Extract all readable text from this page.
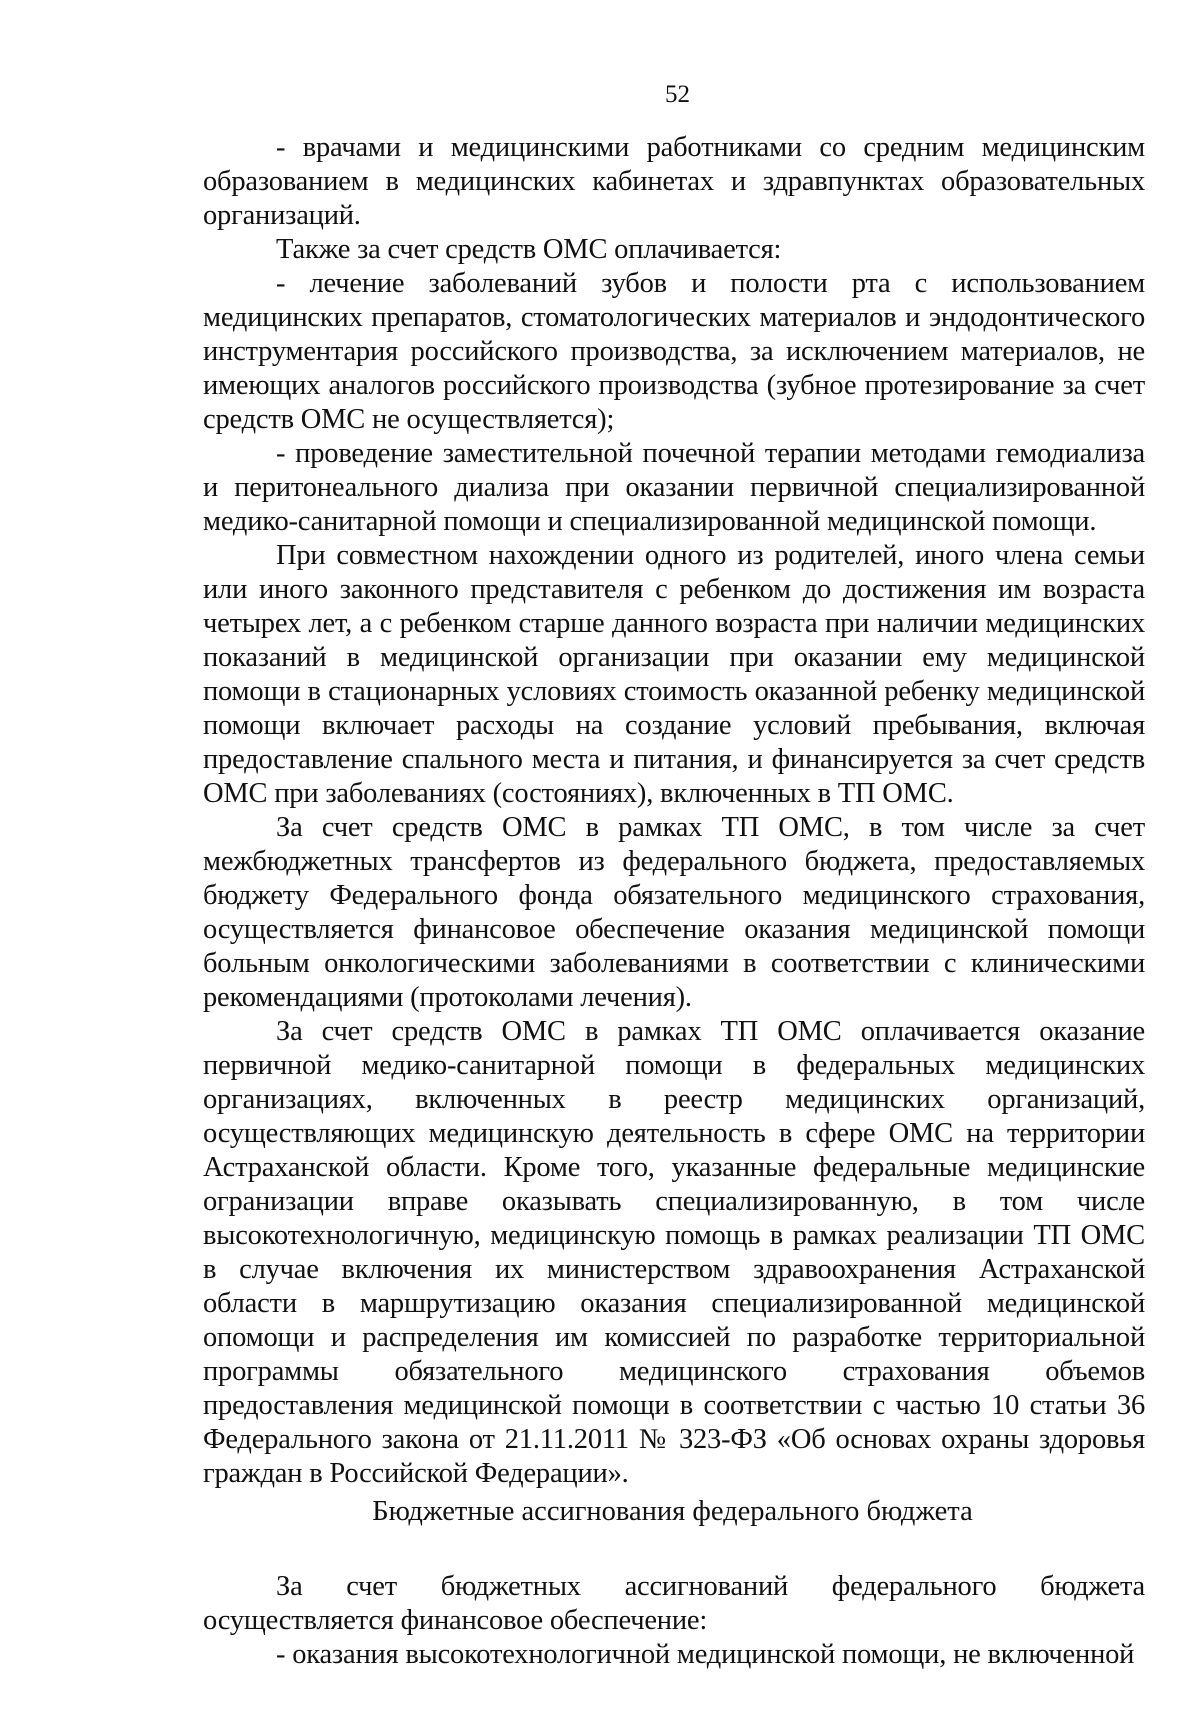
52

- врачами и медицинскими работниками со средним медицинским образованием в медицинских кабинетах и здравпунктах образовательных организаций.

Также за счет средств ОМС оплачивается:

- лечение заболеваний зубов и полости рта с использованием медицинских препаратов, стоматологических материалов и эндодонтического инструментария российского производства, за исключением материалов, не имеющих аналогов российского производства (зубное протезирование за счет средств ОМС не осуществляется);

- проведение заместительной почечной терапии методами гемодиализа и перитонеального диализа при оказании первичной специализированной медико-санитарной помощи и специализированной медицинской помощи.

При совместном нахождении одного из родителей, иного члена семьи или иного законного представителя с ребенком до достижения им возраста четырех лет, а с ребенком старше данного возраста при наличии медицинских показаний в медицинской организации при оказании ему медицинской помощи в стационарных условиях стоимость оказанной ребенку медицинской помощи включает расходы на создание условий пребывания, включая предоставление спального места и питания, и финансируется за счет средств ОМС при заболеваниях (состояниях), включенных в ТП ОМС.

За счет средств ОМС в рамках ТП ОМС, в том числе за счет межбюджетных трансфертов из федерального бюджета, предоставляемых бюджету Федерального фонда обязательного медицинского страхования, осуществляется финансовое обеспечение оказания медицинской помощи больным онкологическими заболеваниями в соответствии с клиническими рекомендациями (протоколами лечения).

За счет средств ОМС в рамках ТП ОМС оплачивается оказание первичной медико-санитарной помощи в федеральных медицинских организациях, включенных в реестр медицинских организаций, осуществляющих медицинскую деятельность в сфере ОМС на территории Астраханской области. Кроме того, указанные федеральные медицинские огранизации вправе оказывать специализированную, в том числе высокотехнологичную, медицинскую помощь в рамках реализации ТП ОМС в случае включения их министерством здравоохранения Астраханской области в маршрутизацию оказания специализированной медицинской опомощи и распределения им комиссией по разработке территориальной программы обязательного медицинского страхования объемов предоставления медицинской помощи в соответствии с частью 10 статьи 36 Федерального закона от 21.11.2011 № 323-ФЗ «Об основах охраны здоровья граждан в Российской Федерации».

Бюджетные ассигнования федерального бюджета

За счет бюджетных ассигнований федерального бюджета осуществляется финансовое обеспечение:

- оказания высокотехнологичной медицинской помощи, не включенной
